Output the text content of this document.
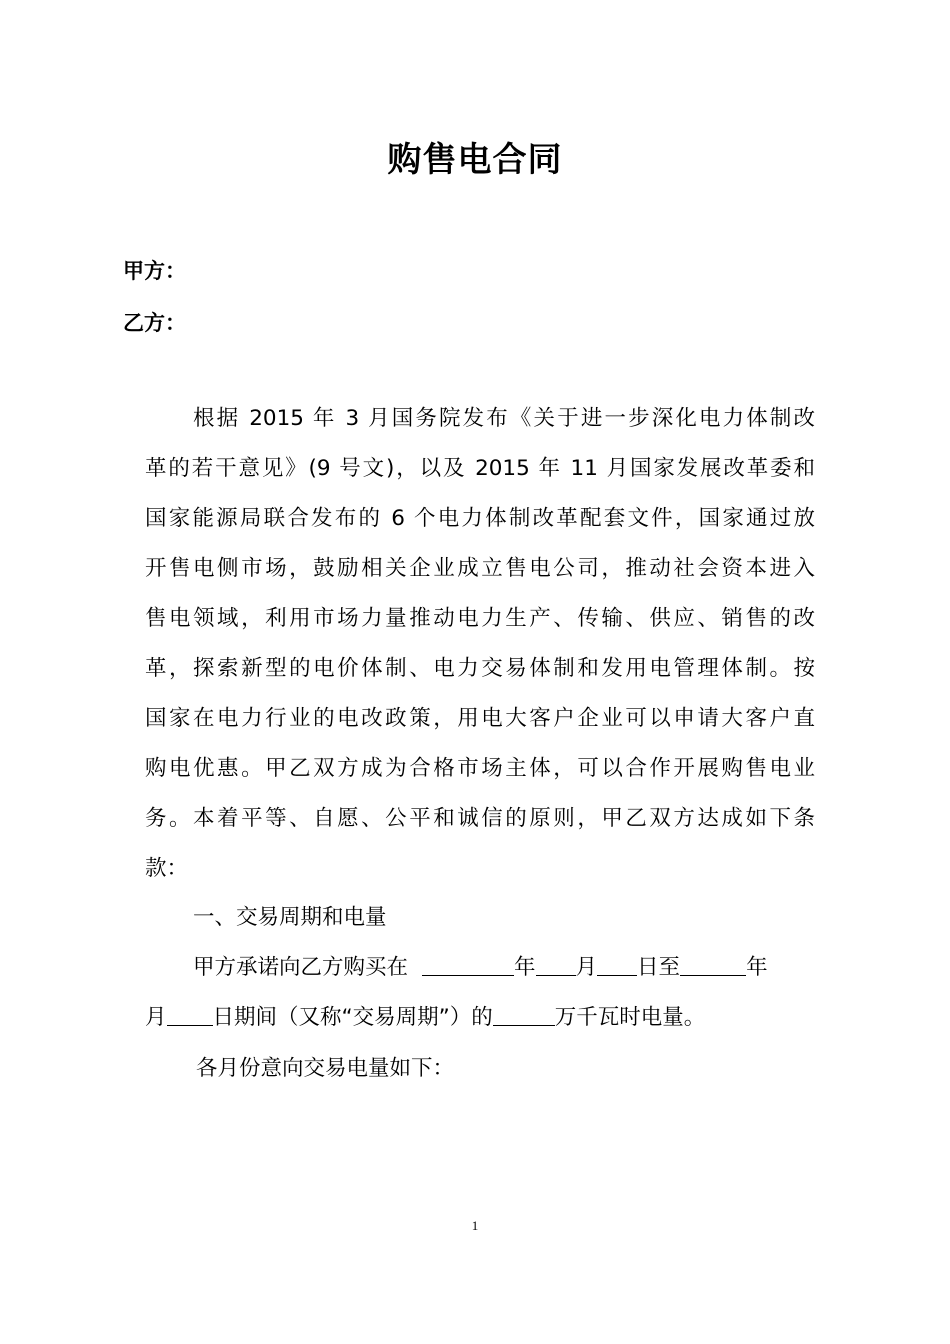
购售电合同
甲方：
乙方：
根据 2015 年 3 月国务院发布《关于进一步深化电力体制改
革的若干意见》(9 号文)，以及 2015 年 11 月国家发展改革委和
国家能源局联合发布的 6 个电力体制改革配套文件，国家通过放
开售电侧市场，鼓励相关企业成立售电公司，推动社会资本进入
售电领域，利用市场力量推动电力生产、传输、供应、销售的改
革，探索新型的电价体制、电力交易体制和发用电管理体制。按
国家在电力行业的电改政策，用电大客户企业可以申请大客户直
购电优惠。甲乙双方成为合格市场主体，可以合作开展购售电业
务。本着平等、自愿、公平和诚信的原则，甲乙双方达成如下条
款：
一、交易周期和电量
甲方承诺向乙方购买在	年 月 日至	年
月 日期间（又称“交易周期”）的	万千瓦时电量。
各月份意向交易电量如下：
1
